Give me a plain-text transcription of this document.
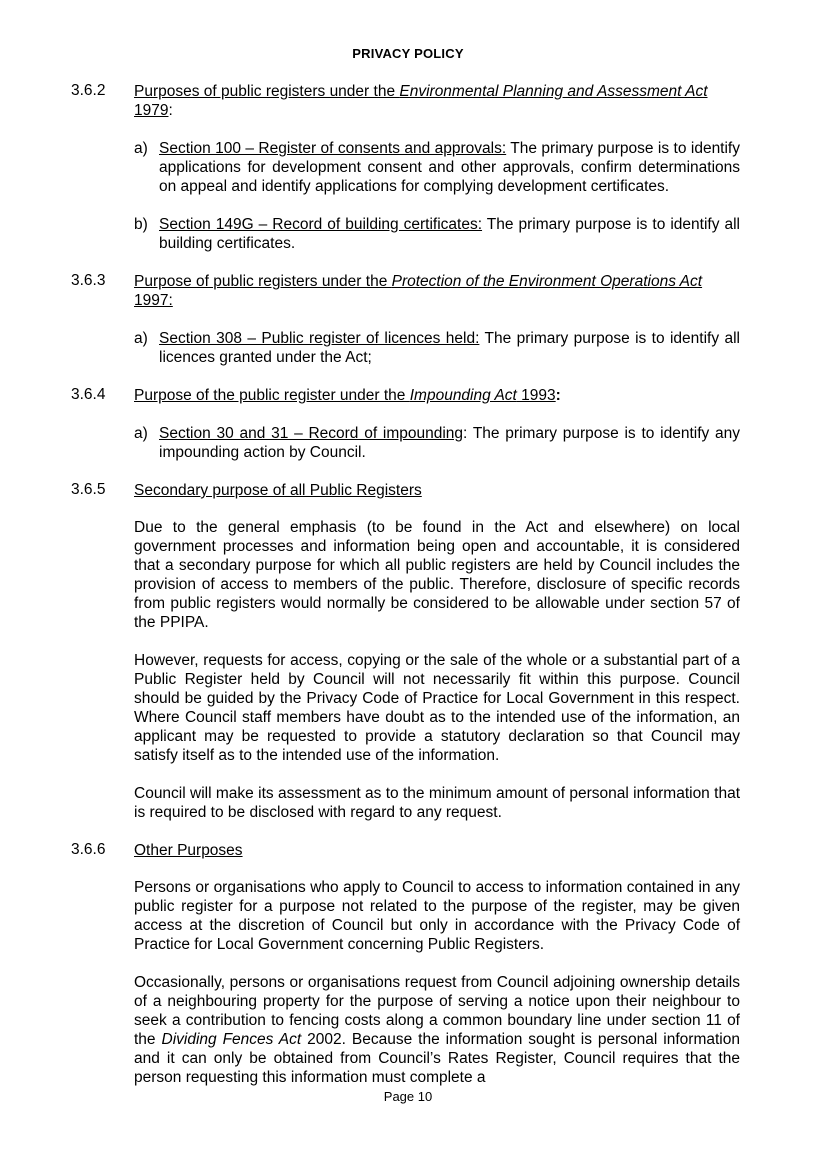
PRIVACY POLICY
3.6.2 Purposes of public registers under the Environmental Planning and Assessment Act 1979:
a) Section 100 – Register of consents and approvals: The primary purpose is to identify applications for development consent and other approvals, confirm determinations on appeal and identify applications for complying development certificates.
b) Section 149G – Record of building certificates: The primary purpose is to identify all building certificates.
3.6.3 Purpose of public registers under the Protection of the Environment Operations Act 1997:
a) Section 308 – Public register of licences held: The primary purpose is to identify all licences granted under the Act;
3.6.4 Purpose of the public register under the Impounding Act 1993:
a) Section 30 and 31 – Record of impounding: The primary purpose is to identify any impounding action by Council.
3.6.5 Secondary purpose of all Public Registers
Due to the general emphasis (to be found in the Act and elsewhere) on local government processes and information being open and accountable, it is considered that a secondary purpose for which all public registers are held by Council includes the provision of access to members of the public. Therefore, disclosure of specific records from public registers would normally be considered to be allowable under section 57 of the PPIPA.
However, requests for access, copying or the sale of the whole or a substantial part of a Public Register held by Council will not necessarily fit within this purpose. Council should be guided by the Privacy Code of Practice for Local Government in this respect. Where Council staff members have doubt as to the intended use of the information, an applicant may be requested to provide a statutory declaration so that Council may satisfy itself as to the intended use of the information.
Council will make its assessment as to the minimum amount of personal information that is required to be disclosed with regard to any request.
3.6.6 Other Purposes
Persons or organisations who apply to Council to access to information contained in any public register for a purpose not related to the purpose of the register, may be given access at the discretion of Council but only in accordance with the Privacy Code of Practice for Local Government concerning Public Registers.
Occasionally, persons or organisations request from Council adjoining ownership details of a neighbouring property for the purpose of serving a notice upon their neighbour to seek a contribution to fencing costs along a common boundary line under section 11 of the Dividing Fences Act 2002. Because the information sought is personal information and it can only be obtained from Council’s Rates Register, Council requires that the person requesting this information must complete a
Page 10
